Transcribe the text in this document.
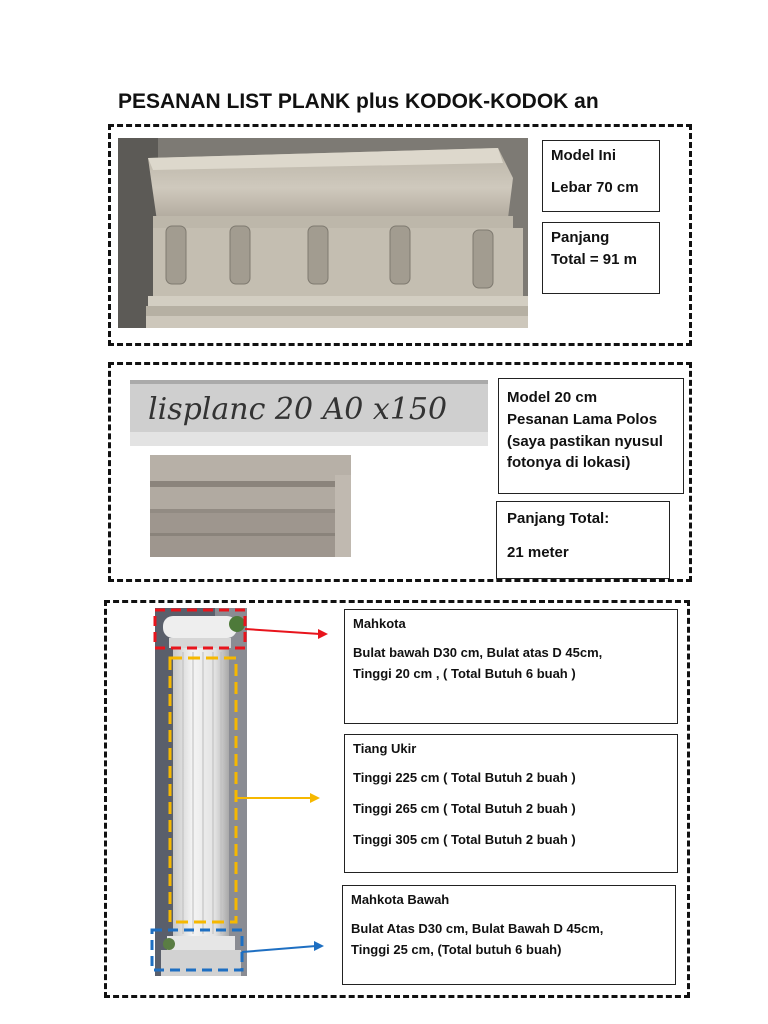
PESANAN LIST PLANK plus KODOK-KODOK an

Model Ini

Lebar 70 cm

Panjang

Total = 91 m

lisplanc 20 A0 x150	Model 20 cm

Pesanan Lama Polos

(saya pastikan nyusul

fotonya di lokasi)

Panjang Total:

21 meter

Mahkota

Bulat bawah D30 cm, Bulat atas D 45cm,

Tinggi 20 cm , ( Total Butuh 6 buah )

Tiang Ukir

Tinggi 225 cm ( Total Butuh 2 buah )

Tinggi 265 cm ( Total Butuh 2 buah )

Tinggi 305 cm ( Total Butuh 2 buah )

Mahkota Bawah

Bulat Atas D30 cm, Bulat Bawah D 45cm,

Tinggi 25 cm, (Total butuh 6 buah)
